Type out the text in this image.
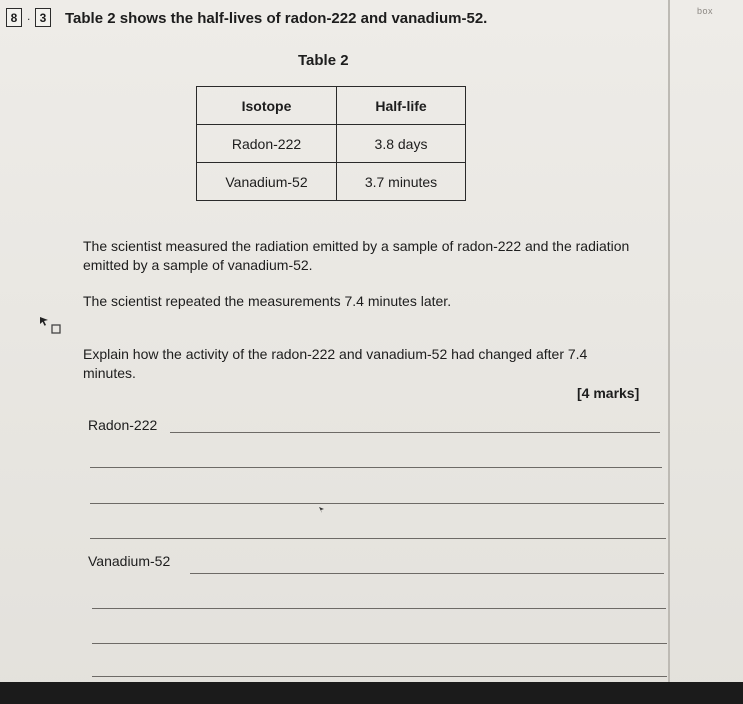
box
8 . 3	Table 2 shows the half-lives of radon-222 and vanadium-52.
Table 2
Isotope	Half-life
Radon-222	3.8 days
Vanadium-52	3.7 minutes
The scientist measured the radiation emitted by a sample of radon-222 and the radiation emitted by a sample of vanadium-52.
The scientist repeated the measurements 7.4 minutes later.
Explain how the activity of the radon-222 and vanadium-52 had changed after 7.4 minutes.
[4 marks]
Radon-222
Vanadium-52
